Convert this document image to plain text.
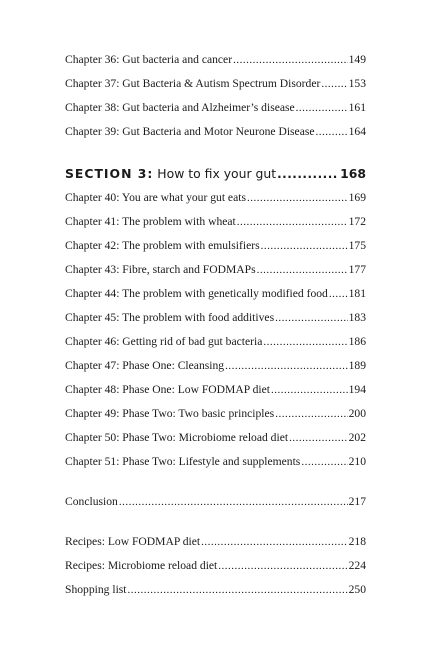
Chapter 36: Gut bacteria and cancer .....	149
Chapter 37: Gut Bacteria & Autism Spectrum Disorder ..... 153
Chapter 38: Gut bacteria and Alzheimer’s disease .....	161
Chapter 39: Gut Bacteria and Motor Neurone Disease .....	164
SECTION 3: How to fix your gut .....	168
Chapter 40: You are what your gut eats .....	169
Chapter 41: The problem with wheat .....	172
Chapter 42: The problem with emulsifiers .....	175
Chapter 43: Fibre, starch and FODMAPs .....	177
Chapter 44: The problem with genetically modified food ..... 181
Chapter 45: The problem with food additives .....	183
Chapter 46: Getting rid of bad gut bacteria .....	186
Chapter 47: Phase One: Cleansing .....	189
Chapter 48: Phase One: Low FODMAP diet .....	194
Chapter 49: Phase Two: Two basic principles .....	200
Chapter 50: Phase Two: Microbiome reload diet .....	202
Chapter 51: Phase Two: Lifestyle and supplements .....	210
Conclusion .....	217
Recipes: Low FODMAP diet .....	218
Recipes: Microbiome reload diet .....	224
Shopping list .....	250
